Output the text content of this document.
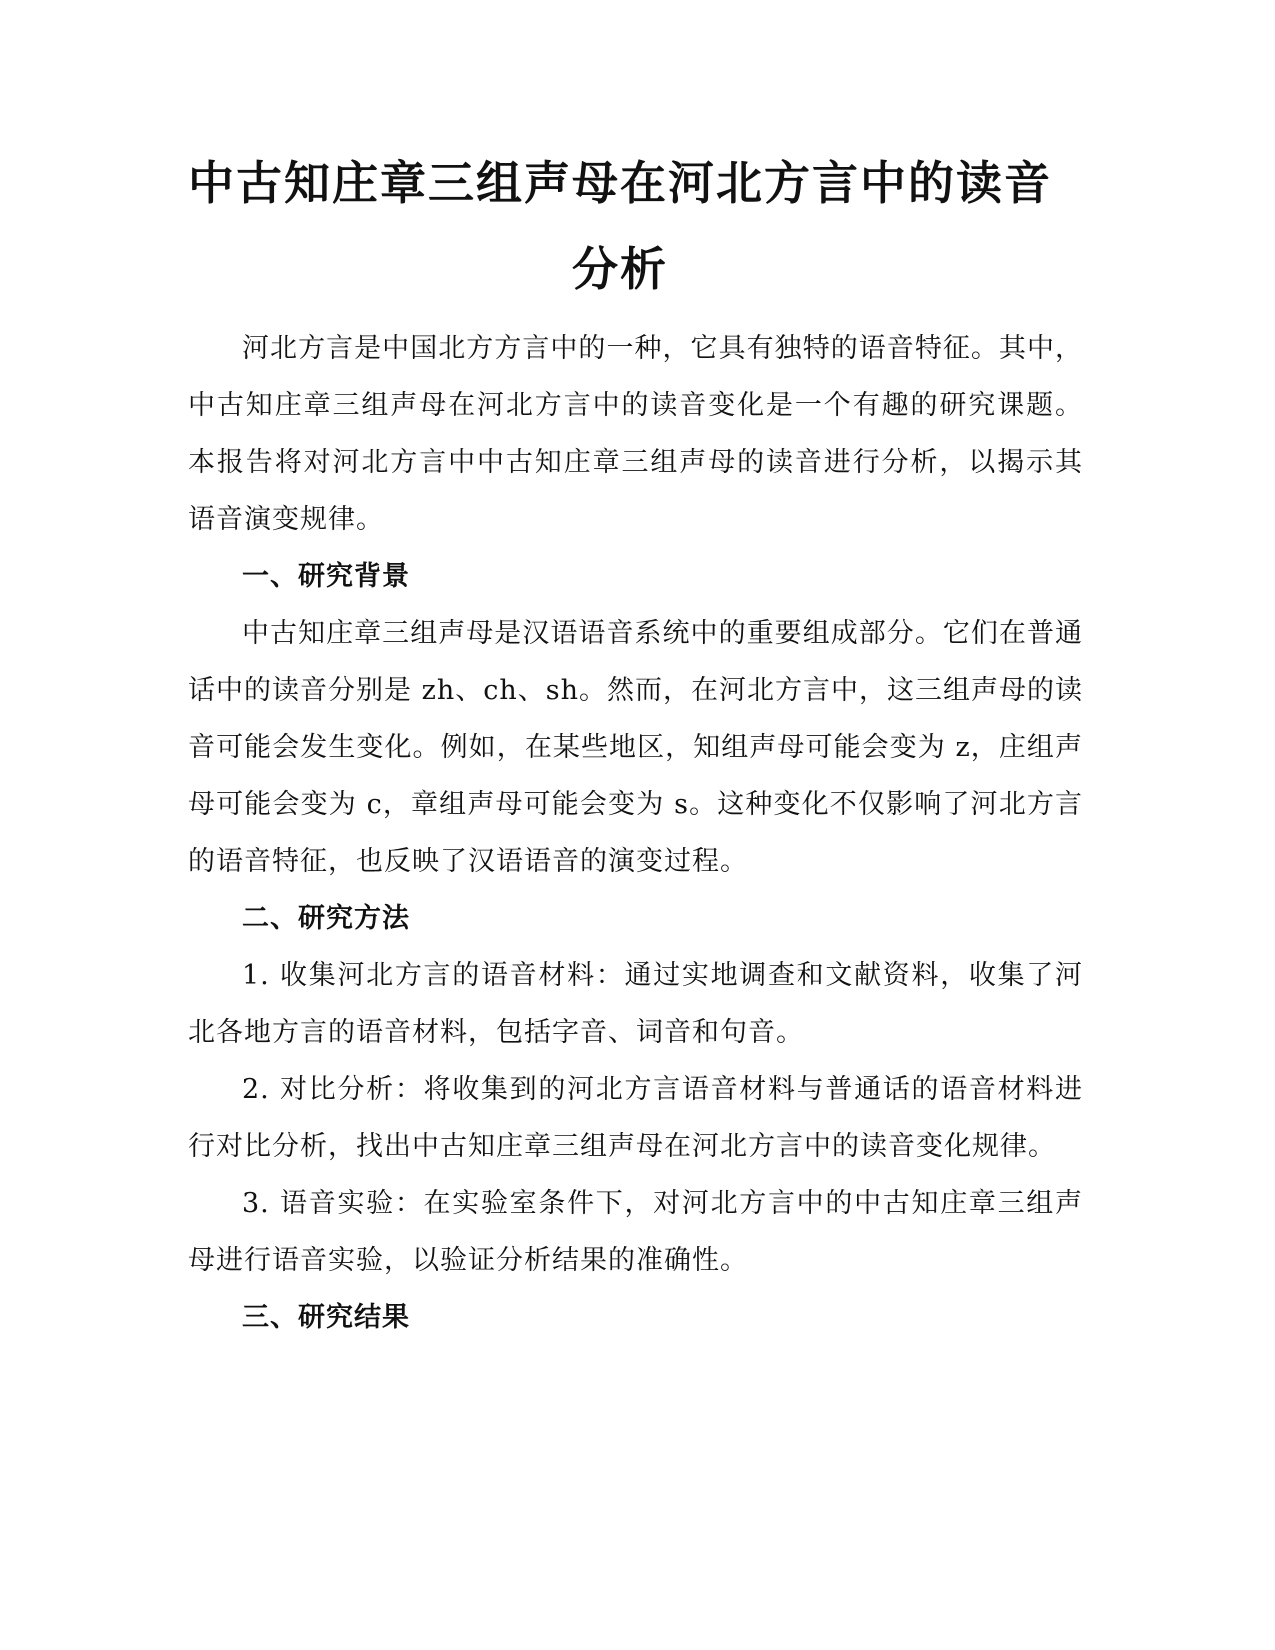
中古知庄章三组声母在河北方言中的读音分析

河北方言是中国北方方言中的一种，它具有独特的语音特征。其中，中古知庄章三组声母在河北方言中的读音变化是一个有趣的研究课题。本报告将对河北方言中中古知庄章三组声母的读音进行分析，以揭示其语音演变规律。

一、研究背景

中古知庄章三组声母是汉语语音系统中的重要组成部分。它们在普通话中的读音分别是 zh、ch、sh。然而，在河北方言中，这三组声母的读音可能会发生变化。例如，在某些地区，知组声母可能会变为 z，庄组声母可能会变为 c，章组声母可能会变为 s。这种变化不仅影响了河北方言的语音特征，也反映了汉语语音的演变过程。

二、研究方法

1. 收集河北方言的语音材料：通过实地调查和文献资料，收集了河北各地方言的语音材料，包括字音、词音和句音。

2. 对比分析：将收集到的河北方言语音材料与普通话的语音材料进行对比分析，找出中古知庄章三组声母在河北方言中的读音变化规律。

3. 语音实验：在实验室条件下，对河北方言中的中古知庄章三组声母进行语音实验，以验证分析结果的准确性。

三、研究结果
